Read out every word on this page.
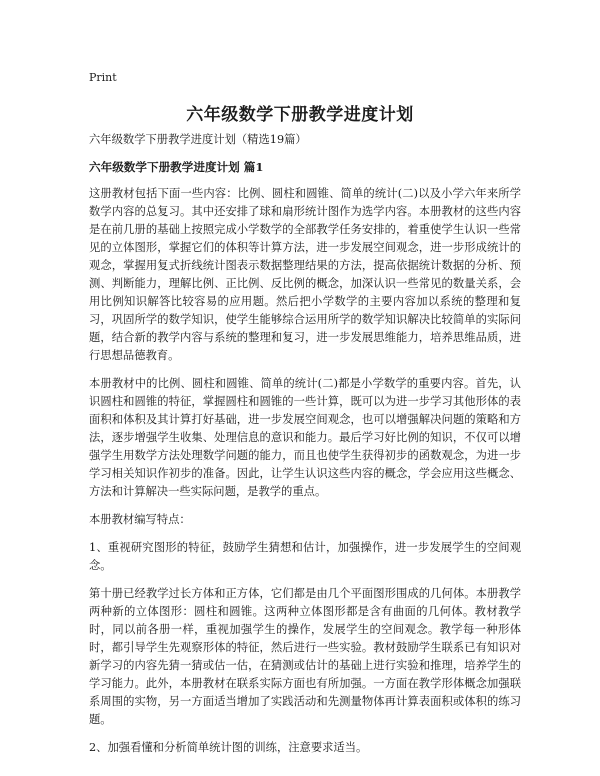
Print
六年级数学下册教学进度计划

六年级数学下册教学进度计划（精选19篇）

六年级数学下册教学进度计划 篇1

这册教材包括下面一些内容：比例、圆柱和圆锥、简单的统计(二)以及小学六年来所学数学内容的总复习。其中还安排了球和扇形统计图作为选学内容。本册教材的这些内容是在前几册的基础上按照完成小学数学的全部教学任务安排的，着重使学生认识一些常见的立体图形，掌握它们的体积等计算方法，进一步发展空间观念，进一步形成统计的观念，掌握用复式折线统计图表示数据整理结果的方法，提高依据统计数据的分析、预测、判断能力，理解比例、正比例、反比例的概念，加深认识一些常见的数量关系，会用比例知识解答比较容易的应用题。然后把小学数学的主要内容加以系统的整理和复习，巩固所学的数学知识，使学生能够综合运用所学的数学知识解决比较简单的实际问题，结合新的教学内容与系统的整理和复习，进一步发展思维能力，培养思维品质，进行思想品德教育。

本册教材中的比例、圆柱和圆锥、简单的统计(二)都是小学数学的重要内容。首先，认识圆柱和圆锥的特征，掌握圆柱和圆锥的一些计算，既可以为进一步学习其他形体的表面积和体积及其计算打好基础，进一步发展空间观念，也可以增强解决问题的策略和方法，逐步增强学生收集、处理信息的意识和能力。最后学习好比例的知识，不仅可以增强学生用数学方法处理数学问题的能力，而且也使学生获得初步的函数观念，为进一步学习相关知识作初步的准备。因此，让学生认识这些内容的概念，学会应用这些概念、方法和计算解决一些实际问题，是教学的重点。

本册教材编写特点：

1、重视研究图形的特征，鼓励学生猜想和估计，加强操作，进一步发展学生的空间观念。

第十册已经教学过长方体和正方体，它们都是由几个平面图形围成的几何体。本册教学两种新的立体图形：圆柱和圆锥。这两种立体图形都是含有曲面的几何体。教材教学时，同以前各册一样，重视加强学生的操作，发展学生的空间观念。教学每一种形体时，都引导学生先观察形体的特征，然后进行一些实验。教材鼓励学生联系已有知识对新学习的内容先猜一猜或估一估，在猜测或估计的基础上进行实验和推理，培养学生的学习能力。此外，本册教材在联系实际方面也有所加强。一方面在教学形体概念加强联系周围的实物，另一方面适当增加了实践活动和先测量物体再计算表面积或体积的练习题。

2、加强看懂和分析简单统计图的训练，注意要求适当。
